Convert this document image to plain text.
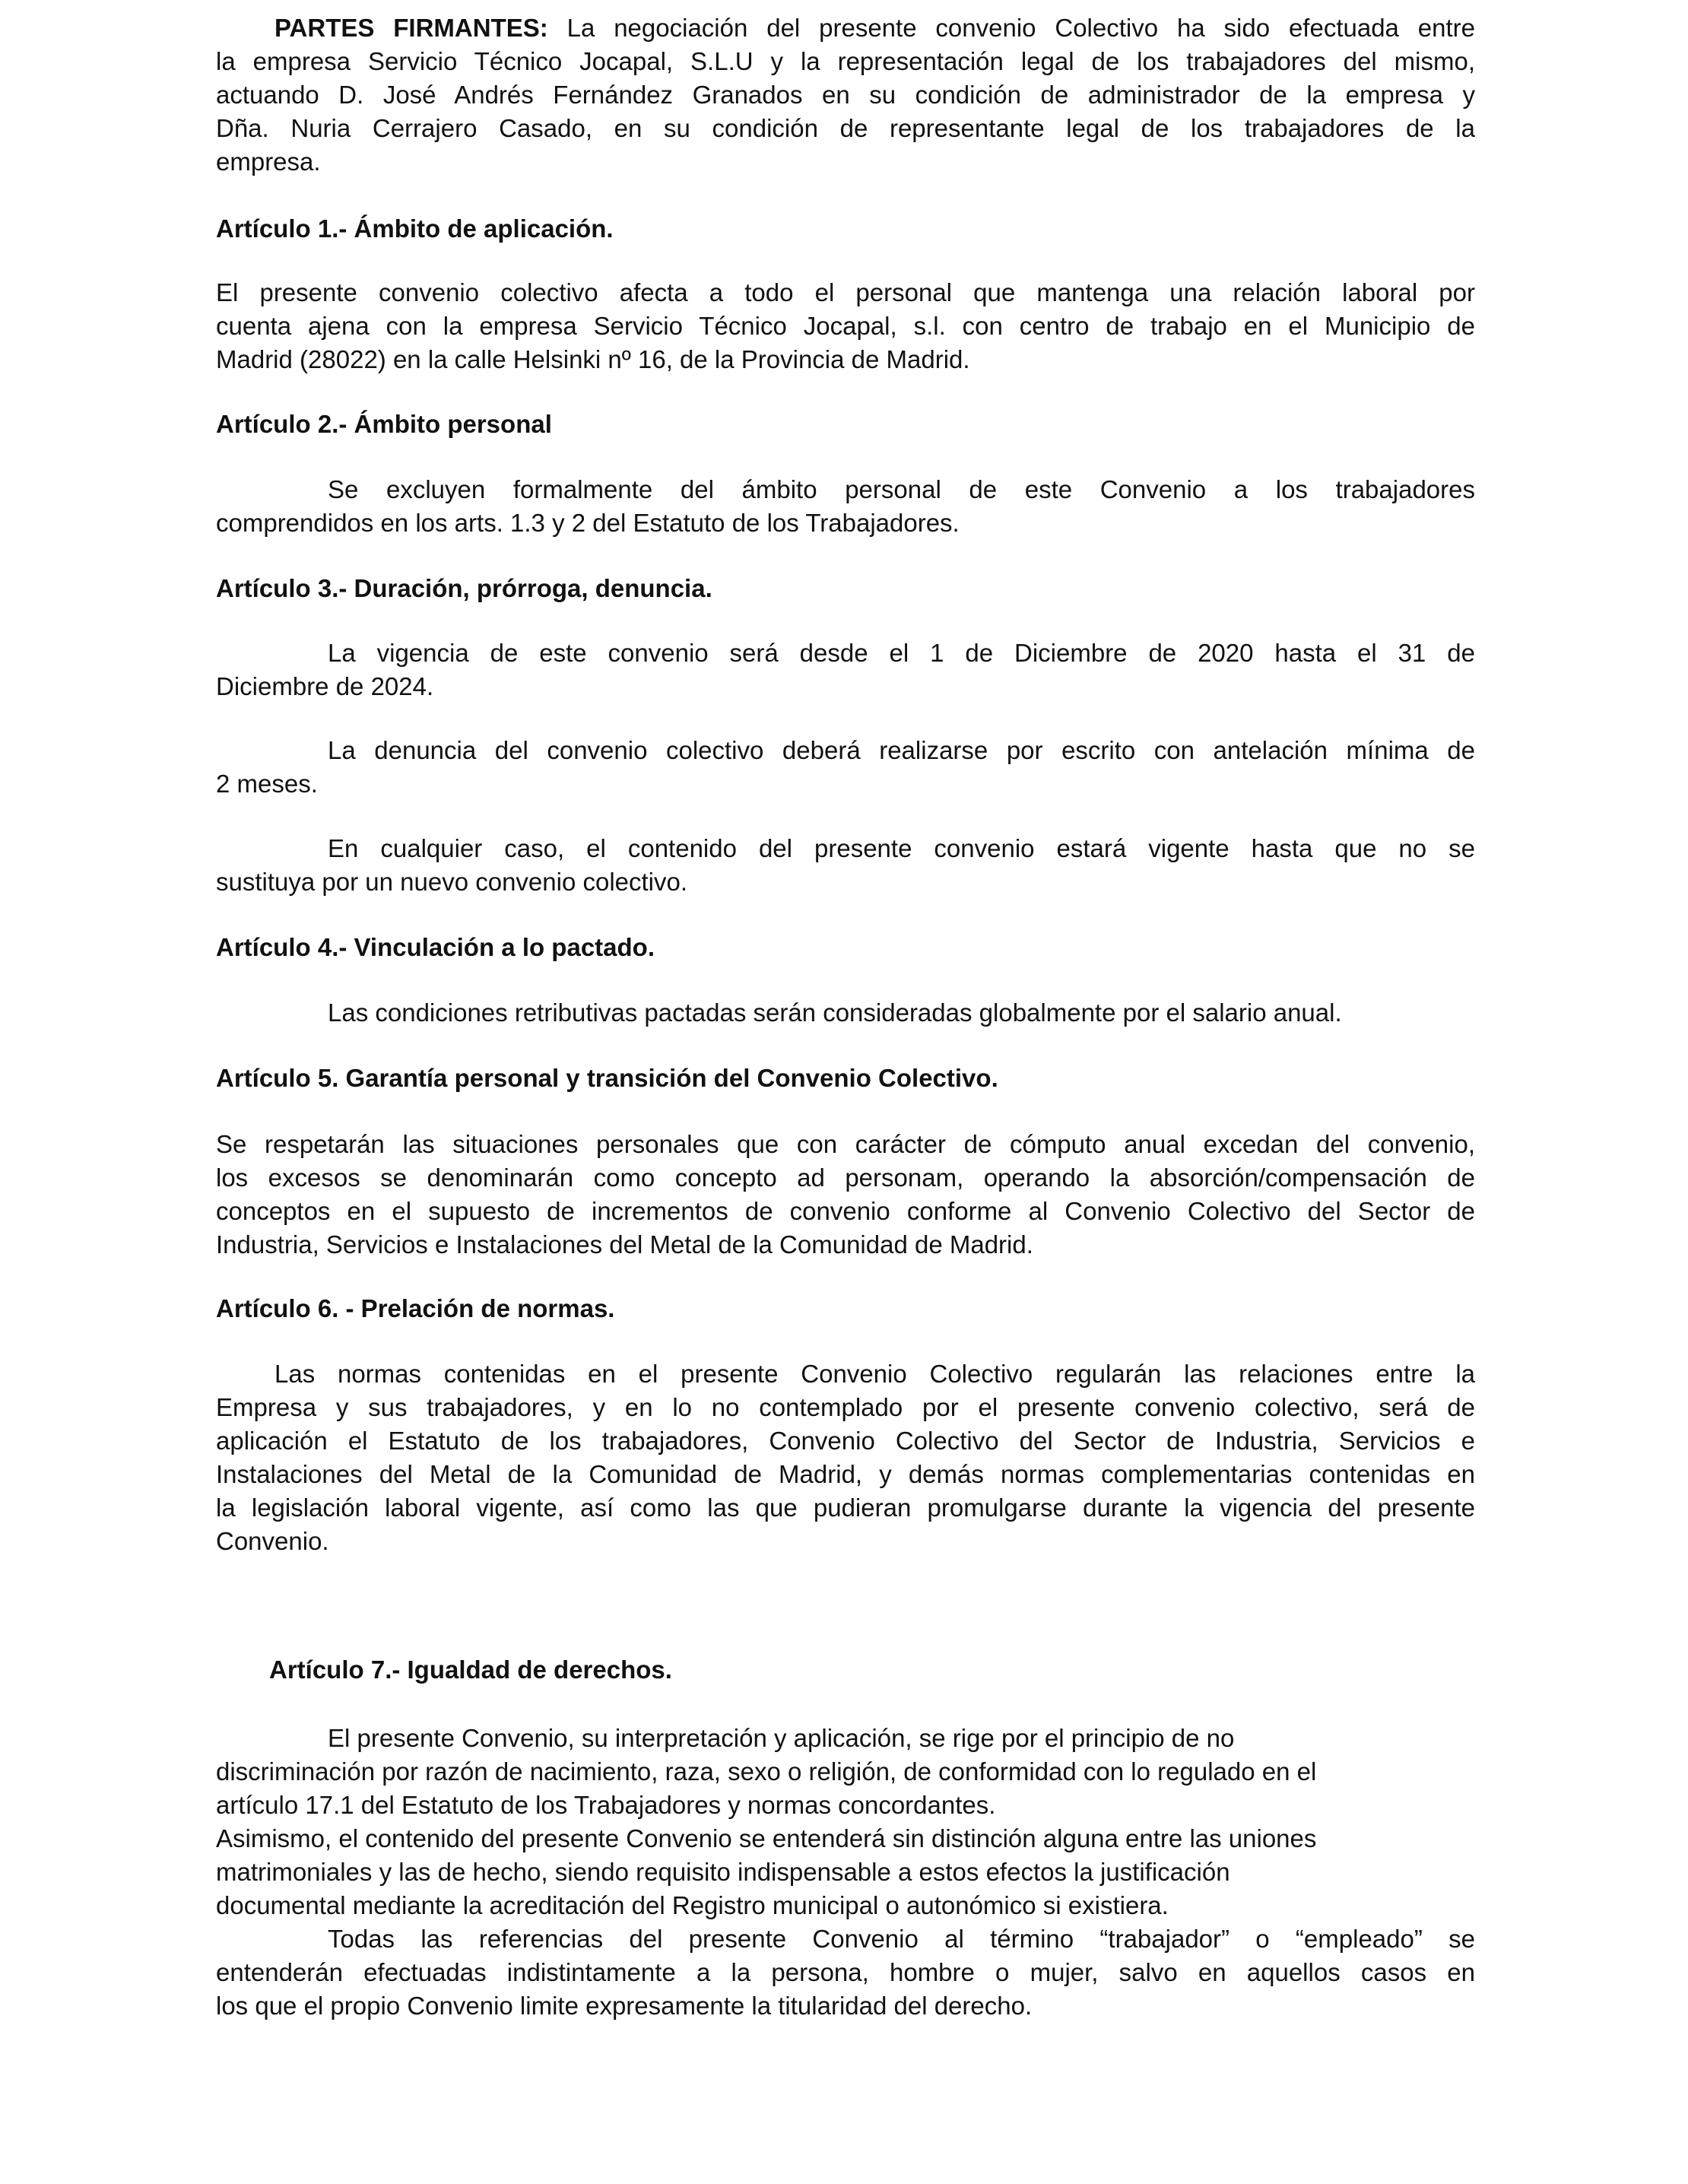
PARTES FIRMANTES: La negociación del presente convenio Colectivo ha sido efectuada entre
la empresa Servicio Técnico Jocapal, S.L.U y la representación legal de los trabajadores del mismo,
actuando D. José Andrés Fernández Granados en su condición de administrador de la empresa y
Dña. Nuria Cerrajero Casado, en su condición de representante legal de los trabajadores de la
empresa.
Artículo 1.- Ámbito de aplicación.
El presente convenio colectivo afecta a todo el personal que mantenga una relación laboral por
cuenta ajena con la empresa Servicio Técnico Jocapal, s.l. con centro de trabajo en el Municipio de
Madrid (28022) en la calle Helsinki nº 16, de la Provincia de Madrid.
Artículo 2.- Ámbito personal
Se excluyen formalmente del ámbito personal de este Convenio a los trabajadores
comprendidos en los arts. 1.3 y 2 del Estatuto de los Trabajadores.
Artículo 3.- Duración, prórroga, denuncia.
La vigencia de este convenio será desde el 1 de Diciembre de 2020 hasta el 31 de
Diciembre de 2024.
La denuncia del convenio colectivo deberá realizarse por escrito con antelación mínima de
2 meses.
En cualquier caso, el contenido del presente convenio estará vigente hasta que no se
sustituya por un nuevo convenio colectivo.
Artículo 4.- Vinculación a lo pactado.
Las condiciones retributivas pactadas serán consideradas globalmente por el salario anual.
Artículo 5. Garantía personal y transición del Convenio Colectivo.
Se respetarán las situaciones personales que con carácter de cómputo anual excedan del convenio,
los excesos se denominarán como concepto ad personam, operando la absorción/compensación de
conceptos en el supuesto de incrementos de convenio conforme al Convenio Colectivo del Sector de
Industria, Servicios e Instalaciones del Metal de la Comunidad de Madrid.
Artículo 6. - Prelación de normas.
Las normas contenidas en el presente Convenio Colectivo regularán las relaciones entre la
Empresa y sus trabajadores, y en lo no contemplado por el presente convenio colectivo, será de
aplicación el Estatuto de los trabajadores, Convenio Colectivo del Sector de Industria, Servicios e
Instalaciones del Metal de la Comunidad de Madrid, y demás normas complementarias contenidas en
la legislación laboral vigente, así como las que pudieran promulgarse durante la vigencia del presente
Convenio.
Artículo 7.- Igualdad de derechos.
El presente Convenio, su interpretación y aplicación, se rige por el principio de no
discriminación por razón de nacimiento, raza, sexo o religión, de conformidad con lo regulado en el
artículo 17.1 del Estatuto de los Trabajadores y normas concordantes.
Asimismo, el contenido del presente Convenio se entenderá sin distinción alguna entre las uniones
matrimoniales y las de hecho, siendo requisito indispensable a estos efectos la justificación
documental mediante la acreditación del Registro municipal o autonómico si existiera.
Todas las referencias del presente Convenio al término “trabajador” o “empleado” se
entenderán efectuadas indistintamente a la persona, hombre o mujer, salvo en aquellos casos en
los que el propio Convenio limite expresamente la titularidad del derecho.
